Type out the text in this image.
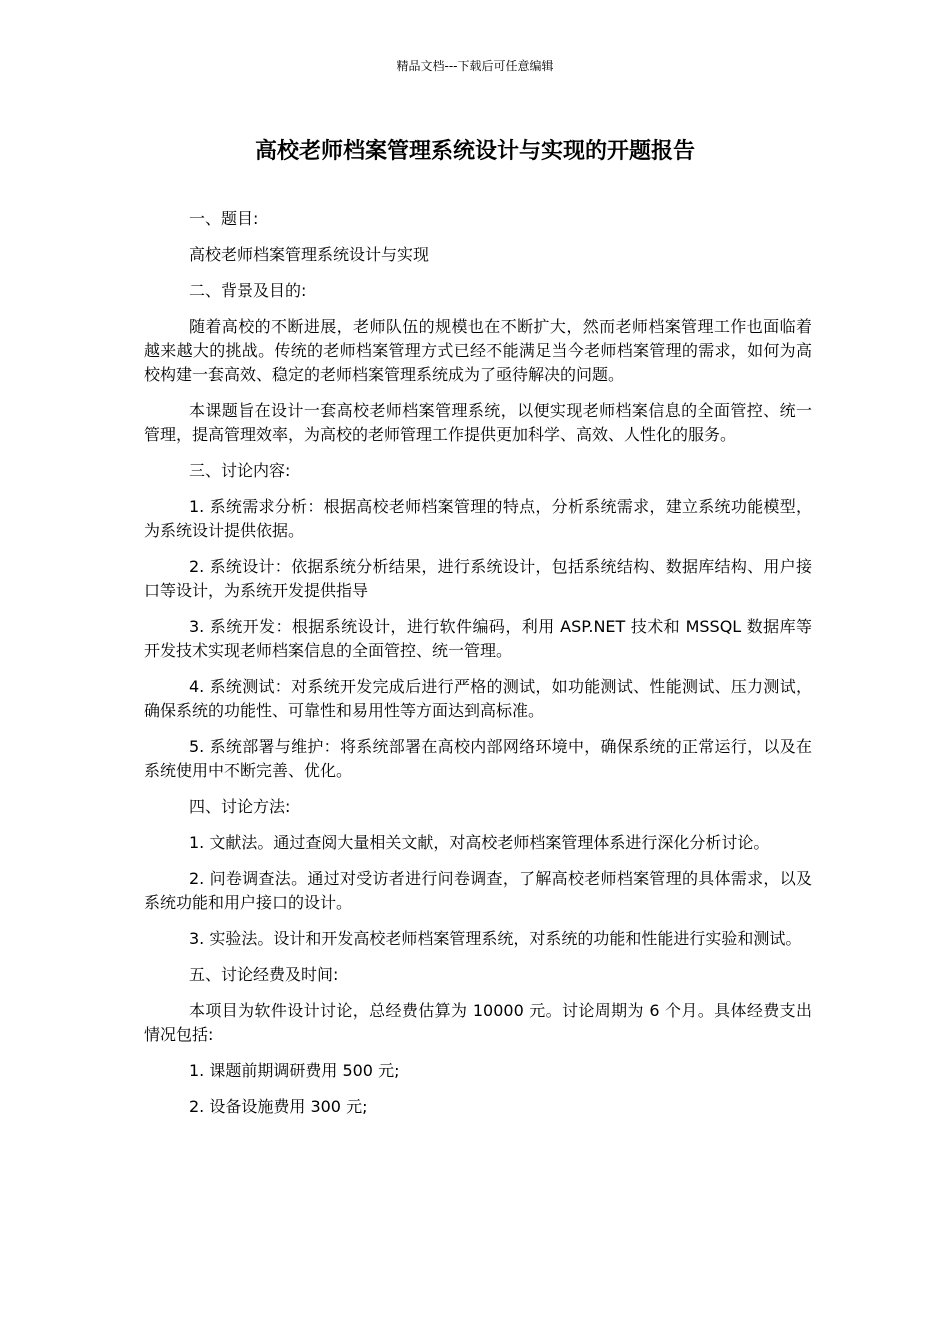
精品文档---下载后可任意编辑
高校老师档案管理系统设计与实现的开题报告

一、题目:

高校老师档案管理系统设计与实现

二、背景及目的:

随着高校的不断进展，老师队伍的规模也在不断扩大，然而老师档案管理工作也面临着越来越大的挑战。传统的老师档案管理方式已经不能满足当今老师档案管理的需求，如何为高校构建一套高效、稳定的老师档案管理系统成为了亟待解决的问题。

本课题旨在设计一套高校老师档案管理系统，以便实现老师档案信息的全面管控、统一管理，提高管理效率，为高校的老师管理工作提供更加科学、高效、人性化的服务。

三、讨论内容:

1. 系统需求分析：根据高校老师档案管理的特点，分析系统需求，建立系统功能模型，为系统设计提供依据。

2. 系统设计：依据系统分析结果，进行系统设计，包括系统结构、数据库结构、用户接口等设计，为系统开发提供指导

3. 系统开发：根据系统设计，进行软件编码，利用 ASP.NET 技术和 MSSQL 数据库等开发技术实现老师档案信息的全面管控、统一管理。

4. 系统测试：对系统开发完成后进行严格的测试，如功能测试、性能测试、压力测试，确保系统的功能性、可靠性和易用性等方面达到高标准。

5. 系统部署与维护：将系统部署在高校内部网络环境中，确保系统的正常运行，以及在系统使用中不断完善、优化。

四、讨论方法:

1. 文献法。通过查阅大量相关文献，对高校老师档案管理体系进行深化分析讨论。

2. 问卷调查法。通过对受访者进行问卷调查，了解高校老师档案管理的具体需求，以及系统功能和用户接口的设计。

3. 实验法。设计和开发高校老师档案管理系统，对系统的功能和性能进行实验和测试。

五、讨论经费及时间:

本项目为软件设计讨论，总经费估算为 10000 元。讨论周期为 6 个月。具体经费支出情况包括:

1. 课题前期调研费用 500 元;

2. 设备设施费用 300 元;
